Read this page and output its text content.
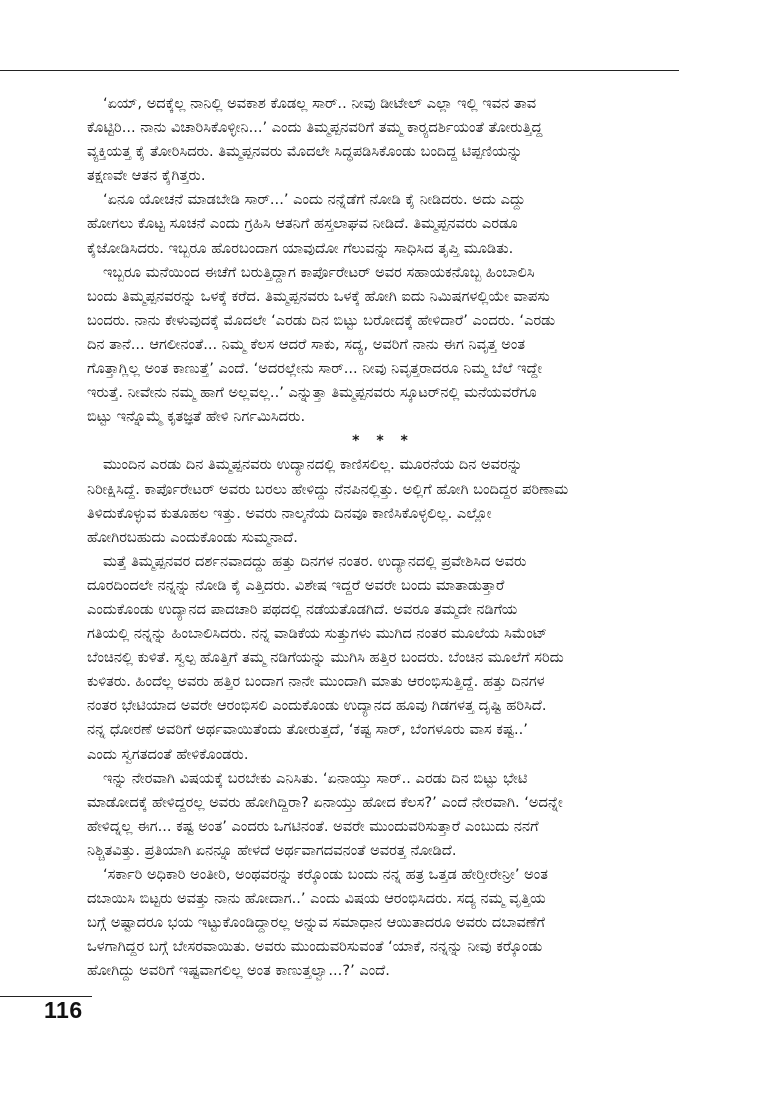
‘ಏಯ್, ಅದಕ್ಕೆಲ್ಲ ನಾನಿಲ್ಲಿ ಅವಕಾಶ ಕೊಡಲ್ಲ ಸಾರ್.. ನೀವು ಡೀಟೇಲ್ ಎಲ್ಲಾ ಇಲ್ಲಿ ಇವನ ತಾವ
ಕೊಟ್ಟಿರಿ... ನಾನು ವಿಚಾರಿಸಿಕೊಳ್ಳೀನಿ...’ ಎಂದು ತಿಮ್ಮಪ್ಪನವರಿಗೆ ತಮ್ಮ ಕಾರ್‍ಯದರ್ಶಿಯಂತೆ ತೋರುತ್ತಿದ್ದ
ವ್ಯಕ್ತಿಯತ್ತ ಕೈ ತೋರಿಸಿದರು. ತಿಮ್ಮಪ್ಪನವರು ಮೊದಲೇ ಸಿದ್ಧಪಡಿಸಿಕೊಂಡು ಬಂದಿದ್ದ ಟಿಪ್ಪಣಿಯನ್ನು
ತಕ್ಷಣವೇ ಆತನ ಕೈಗಿತ್ತರು.
‘ಏನೂ ಯೋಚನೆ ಮಾಡಬೇಡಿ ಸಾರ್...’ ಎಂದು ನನ್ನೆಡೆಗೆ ನೋಡಿ ಕೈ ನೀಡಿದರು. ಅದು ಎದ್ದು
ಹೋಗಲು ಕೊಟ್ಟ ಸೂಚನೆ ಎಂದು ಗ್ರಹಿಸಿ ಆತನಿಗೆ ಹಸ್ತಲಾಘವ ನೀಡಿದೆ. ತಿಮ್ಮಪ್ಪನವರು ಎರಡೂ
ಕೈಜೋಡಿಸಿದರು. ಇಬ್ಬರೂ ಹೊರಬಂದಾಗ ಯಾವುದೋ ಗೆಲುವನ್ನು ಸಾಧಿಸಿದ ತೃಪ್ತಿ ಮೂಡಿತು.
ಇಬ್ಬರೂ ಮನೆಯಿಂದ ಈಚೆಗೆ ಬರುತ್ತಿದ್ದಾಗ ಕಾರ್ಪೊರೇಟರ್ ಅವರ ಸಹಾಯಕನೊಬ್ಬ ಹಿಂಬಾಲಿಸಿ
ಬಂದು ತಿಮ್ಮಪ್ಪನವರನ್ನು ಒಳಕ್ಕೆ ಕರೆದ. ತಿಮ್ಮಪ್ಪನವರು ಒಳಕ್ಕೆ ಹೋಗಿ ಐದು ನಿಮಿಷಗಳಲ್ಲಿಯೇ ವಾಪಸು
ಬಂದರು. ನಾನು ಕೇಳುವುದಕ್ಕೆ ಮೊದಲೇ ‘ಎರಡು ದಿನ ಬಿಟ್ಟು ಬರೋದಕ್ಕೆ ಹೇಳಿದಾರೆ’ ಎಂದರು. ‘ಎರಡು
ದಿನ ತಾನೆ... ಆಗಲೀನಂತೆ... ನಿಮ್ಮ ಕೆಲಸ ಆದರೆ ಸಾಕು, ಸದ್ಯ, ಅವರಿಗೆ ನಾನು ಈಗ ನಿವೃತ್ತ ಅಂತ
ಗೊತ್ತಾಗ್ಲಿಲ್ಲ ಅಂತ ಕಾಣುತ್ತೆ’ ಎಂದೆ. ‘ಅದರಲ್ಲೇನು ಸಾರ್... ನೀವು ನಿವೃತ್ತರಾದರೂ ನಿಮ್ಮ ಬೆಲೆ ಇದ್ದೇ
ಇರುತ್ತೆ. ನೀವೇನು ನಮ್ಮ ಹಾಗೆ ಅಲ್ಲವಲ್ಲ..’ ಎನ್ನುತ್ತಾ ತಿಮ್ಮಪ್ಪನವರು ಸ್ಕೂಟರ್‌ನಲ್ಲಿ ಮನೆಯವರೆಗೂ
ಬಿಟ್ಟು ಇನ್ನೊಮ್ಮೆ ಕೃತಜ್ಞತೆ ಹೇಳಿ ನಿರ್ಗಮಿಸಿದರು.
* * *
ಮುಂದಿನ ಎರಡು ದಿನ ತಿಮ್ಮಪ್ಪನವರು ಉದ್ಯಾನದಲ್ಲಿ ಕಾಣಿಸಲಿಲ್ಲ. ಮೂರನೆಯ ದಿನ ಅವರನ್ನು
ನಿರೀಕ್ಷಿಸಿದ್ದೆ. ಕಾರ್ಪೊರೇಟರ್ ಅವರು ಬರಲು ಹೇಳಿದ್ದು ನೆನಪಿನಲ್ಲಿತ್ತು. ಅಲ್ಲಿಗೆ ಹೋಗಿ ಬಂದಿದ್ದರ ಪರಿಣಾಮ
ತಿಳಿದುಕೊಳ್ಳುವ ಕುತೂಹಲ ಇತ್ತು. ಅವರು ನಾಲ್ಕನೆಯ ದಿನವೂ ಕಾಣಿಸಿಕೊಳ್ಳಲಿಲ್ಲ. ಎಲ್ಲೋ
ಹೋಗಿರಬಹುದು ಎಂದುಕೊಂಡು ಸುಮ್ಮನಾದೆ.
ಮತ್ತೆ ತಿಮ್ಮಪ್ಪನವರ ದರ್ಶನವಾದದ್ದು ಹತ್ತು ದಿನಗಳ ನಂತರ. ಉದ್ಯಾನದಲ್ಲಿ ಪ್ರವೇಶಿಸಿದ ಅವರು
ದೂರದಿಂದಲೇ ನನ್ನನ್ನು ನೋಡಿ ಕೈ ಎತ್ತಿದರು. ವಿಶೇಷ ಇದ್ದರೆ ಅವರೇ ಬಂದು ಮಾತಾಡುತ್ತಾರೆ
ಎಂದುಕೊಂಡು ಉದ್ಯಾನದ ಪಾದಚಾರಿ ಪಥದಲ್ಲಿ ನಡೆಯತೊಡಗಿದೆ. ಅವರೂ ತಮ್ಮದೇ ನಡಿಗೆಯ
ಗತಿಯಲ್ಲಿ ನನ್ನನ್ನು ಹಿಂಬಾಲಿಸಿದರು. ನನ್ನ ವಾಡಿಕೆಯ ಸುತ್ತುಗಳು ಮುಗಿದ ನಂತರ ಮೂಲೆಯ ಸಿಮೆಂಟ್
ಬೆಂಚಿನಲ್ಲಿ ಕುಳಿತೆ. ಸ್ವಲ್ಪ ಹೊತ್ತಿಗೆ ತಮ್ಮ ನಡಿಗೆಯನ್ನು ಮುಗಿಸಿ ಹತ್ತಿರ ಬಂದರು. ಬೆಂಚಿನ ಮೂಲೆಗೆ ಸರಿದು
ಕುಳಿತರು. ಹಿಂದೆಲ್ಲ ಅವರು ಹತ್ತಿರ ಬಂದಾಗ ನಾನೇ ಮುಂದಾಗಿ ಮಾತು ಆರಂಭಿಸುತ್ತಿದ್ದೆ. ಹತ್ತು ದಿನಗಳ
ನಂತರ ಭೇಟಿಯಾದ ಅವರೇ ಆರಂಭಿಸಲಿ ಎಂದುಕೊಂಡು ಉದ್ಯಾನದ ಹೂವು ಗಿಡಗಳತ್ತ ದೃಷ್ಟಿ ಹರಿಸಿದೆ.
ನನ್ನ ಧೋರಣೆ ಅವರಿಗೆ ಅರ್ಥವಾಯಿತೆಂದು ತೋರುತ್ತದೆ, ‘ಕಷ್ಟ ಸಾರ್, ಬೆಂಗಳೂರು ವಾಸ ಕಷ್ಟ..’
ಎಂದು ಸ್ವಗತದಂತೆ ಹೇಳಿಕೊಂಡರು.
ಇನ್ನು ನೇರವಾಗಿ ವಿಷಯಕ್ಕೆ ಬರಬೇಕು ಎನಿಸಿತು. ‘ಏನಾಯ್ತು ಸಾರ್.. ಎರಡು ದಿನ ಬಿಟ್ಟು ಭೇಟಿ
ಮಾಡೋದಕ್ಕೆ ಹೇಳಿದ್ದರಲ್ಲ ಅವರು ಹೋಗಿದ್ದಿರಾ? ಏನಾಯ್ತು ಹೋದ ಕೆಲಸ?’ ಎಂದೆ ನೇರವಾಗಿ. ‘ಅದನ್ನೇ
ಹೇಳಿದ್ನಲ್ಲ ಈಗ... ಕಷ್ಟ ಅಂತ’ ಎಂದರು ಒಗಟಿನಂತೆ. ಅವರೇ ಮುಂದುವರಿಸುತ್ತಾರೆ ಎಂಬುದು ನನಗೆ
ನಿಶ್ಚಿತವಿತ್ತು. ಪ್ರತಿಯಾಗಿ ಏನನ್ನೂ ಹೇಳದೆ ಅರ್ಥವಾಗದವನಂತೆ ಅವರತ್ತ ನೋಡಿದೆ.
‘ಸರ್ಕಾರಿ ಅಧಿಕಾರಿ ಅಂತೀರಿ, ಅಂಥವರನ್ನು ಕರ್‍ಕೊಂಡು ಬಂದು ನನ್ನ ಹತ್ರ ಒತ್ತಡ ಹೇರ್‍ತೀರೇನ್ರೀ’ ಅಂತ
ದಬಾಯಿಸಿ ಬಿಟ್ಟರು ಅವತ್ತು ನಾನು ಹೋದಾಗ..’ ಎಂದು ವಿಷಯ ಆರಂಭಿಸಿದರು. ಸದ್ಯ ನಮ್ಮ ವೃತ್ತಿಯ
ಬಗ್ಗೆ ಅಷ್ಟಾದರೂ ಭಯ ಇಟ್ಟುಕೊಂಡಿದ್ದಾರಲ್ಲ ಅನ್ನುವ ಸಮಾಧಾನ ಆಯಿತಾದರೂ ಅವರು ದಬಾವಣೆಗೆ
ಒಳಗಾಗಿದ್ದರ ಬಗ್ಗೆ ಬೇಸರವಾಯಿತು. ಅವರು ಮುಂದುವರಿಸುವಂತೆ ‘ಯಾಕೆ, ನನ್ನನ್ನು ನೀವು ಕರ್‍ಕೊಂಡು
ಹೋಗಿದ್ದು ಅವರಿಗೆ ಇಷ್ಟವಾಗಲಿಲ್ಲ ಅಂತ ಕಾಣುತ್ತಲ್ವಾ...?’ ಎಂದೆ.
116
